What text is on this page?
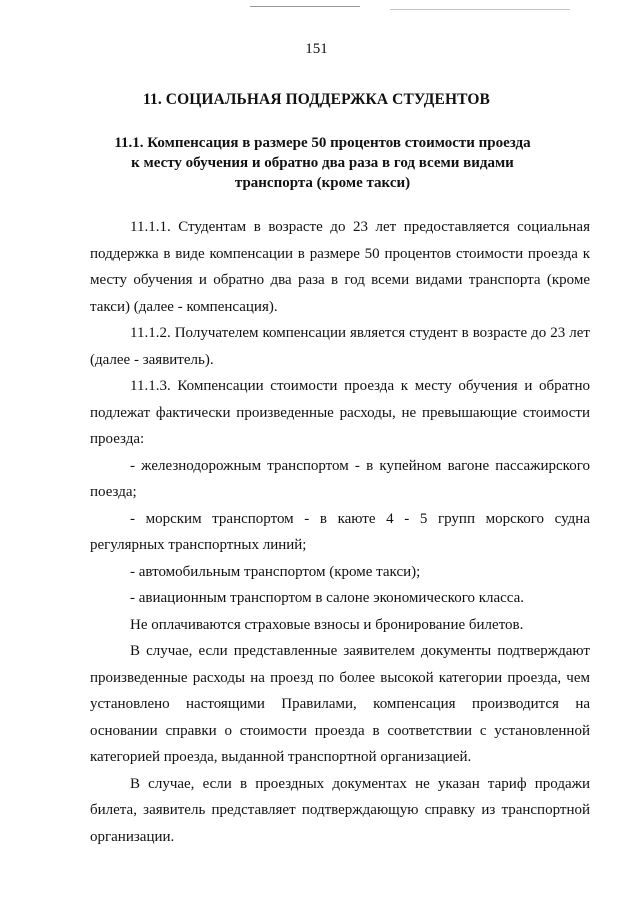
151
11. СОЦИАЛЬНАЯ ПОДДЕРЖКА СТУДЕНТОВ
11.1. Компенсация в размере 50 процентов стоимости проезда
к месту обучения и обратно два раза в год всеми видами
транспорта (кроме такси)

11.1.1. Студентам в возрасте до 23 лет предоставляется социальная поддержка в виде компенсации в размере 50 процентов стоимости проезда к месту обучения и обратно два раза в год всеми видами транспорта (кроме такси) (далее - компенсация).

11.1.2. Получателем компенсации является студент в возрасте до 23 лет (далее - заявитель).

11.1.3. Компенсации стоимости проезда к месту обучения и обратно подлежат фактически произведенные расходы, не превышающие стоимости проезда:

- железнодорожным транспортом - в купейном вагоне пассажирского поезда;

- морским транспортом - в каюте 4 - 5 групп морского судна регулярных транспортных линий;

- автомобильным транспортом (кроме такси);

- авиационным транспортом в салоне экономического класса.

Не оплачиваются страховые взносы и бронирование билетов.

В случае, если представленные заявителем документы подтверждают произведенные расходы на проезд по более высокой категории проезда, чем установлено настоящими Правилами, компенсация производится на основании справки о стоимости проезда в соответствии с установленной категорией проезда, выданной транспортной организацией.

В случае, если в проездных документах не указан тариф продажи билета, заявитель представляет подтверждающую справку из транспортной организации.
